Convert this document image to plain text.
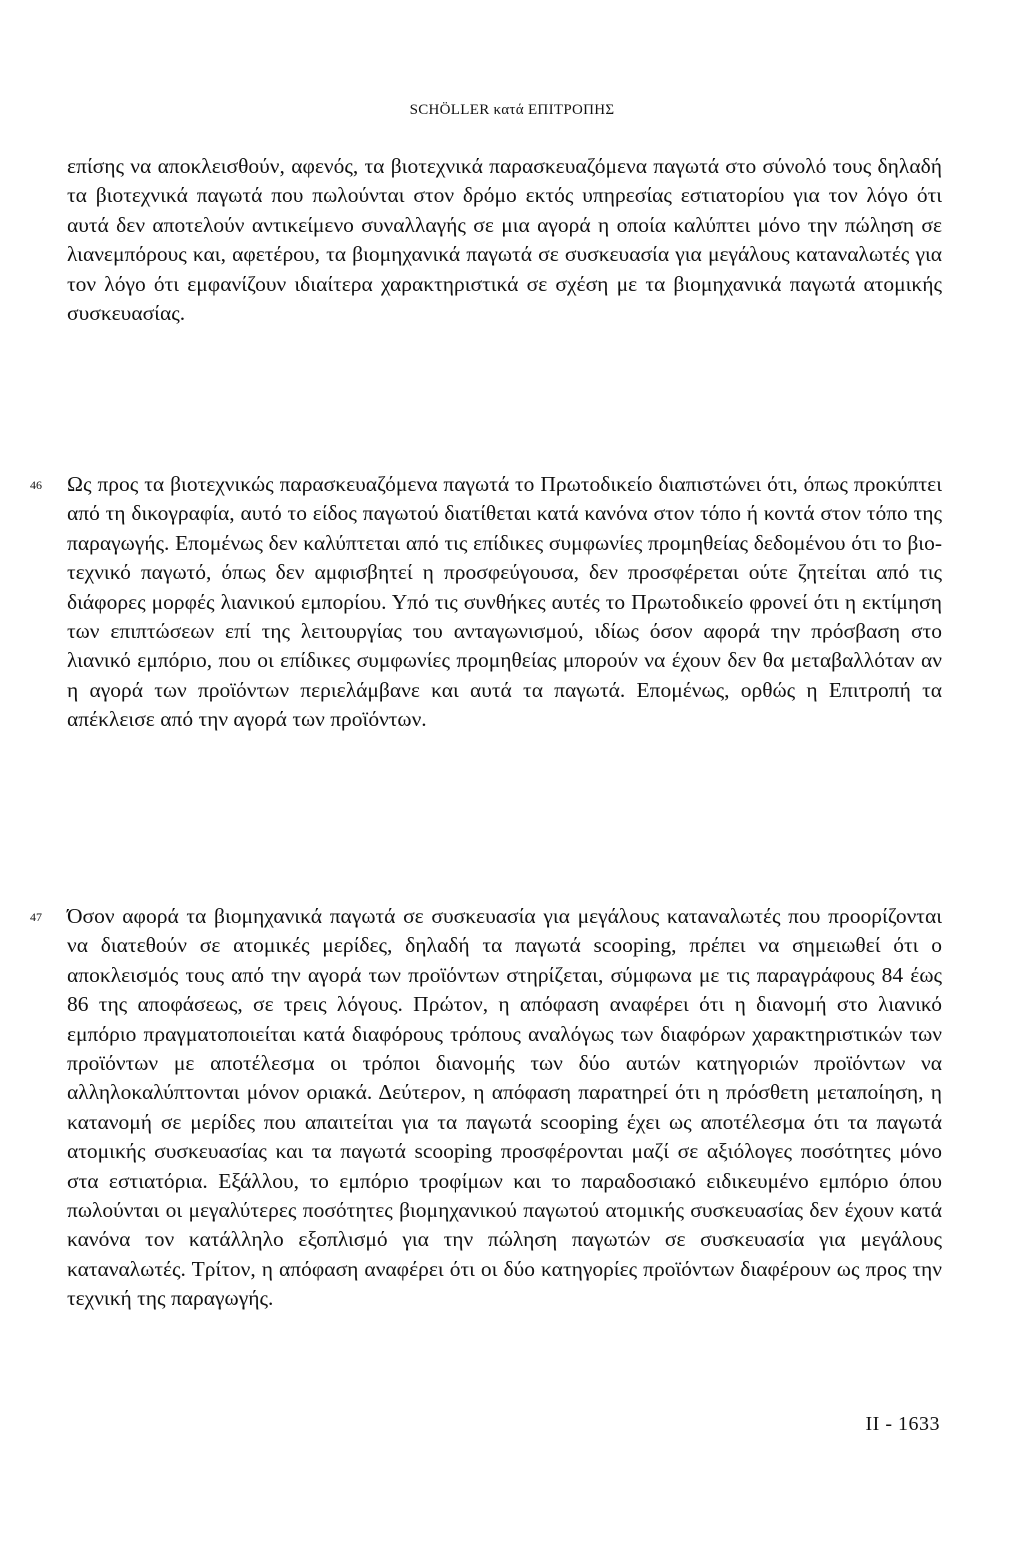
SCHÖLLER κατά ΕΠΙΤΡΟΠΗΣ

επίσης να αποκλεισθούν, αφενός, τα βιοτεχνικά παρασκευαζόμενα παγωτά στο σύνολό τους δηλαδή τα βιοτεχνικά παγωτά που πωλούνται στον δρόμο εκτός υπηρεσίας εστιατορίου για τον λόγο ότι αυτά δεν αποτελούν αντικείμενο συναλλαγής σε μια αγορά η οποία καλύπτει μόνο την πώληση σε λιανεμπόρους και, αφετέρου, τα βιομηχανικά παγωτά σε συσκευασία για μεγάλους καταναλωτές για τον λόγο ότι εμφανίζουν ιδιαίτερα χαρακτηριστικά σε σχέση με τα βιομηχανικά παγωτά ατομικής συσκευασίας.

46 Ως προς τα βιοτεχνικώς παρασκευαζόμενα παγωτά το Πρωτοδικείο διαπιστώνει ότι, όπως προκύπτει από τη δικογραφία, αυτό το είδος παγωτού διατίθεται κατά κανόνα στον τόπο ή κοντά στον τόπο της παραγωγής. Επομένως δεν καλύπτεται από τις επίδικες συμφωνίες προμηθείας δεδομένου ότι το βιοτεχνικό παγωτό, όπως δεν αμφισβητεί η προσφεύγουσα, δεν προσφέρεται ούτε ζητείται από τις διάφορες μορφές λιανικού εμπορίου. Υπό τις συνθήκες αυτές το Πρωτοδικείο φρονεί ότι η εκτίμηση των επιπτώσεων επί της λειτουργίας του ανταγωνισμού, ιδίως όσον αφορά την πρόσβαση στο λιανικό εμπόριο, που οι επίδικες συμφωνίες προμηθείας μπορούν να έχουν δεν θα μεταβαλλόταν αν η αγορά των προϊόντων περιελάμβανε και αυτά τα παγωτά. Επομένως, ορθώς η Επιτροπή τα απέκλεισε από την αγορά των προϊόντων.

47 Όσον αφορά τα βιομηχανικά παγωτά σε συσκευασία για μεγάλους καταναλωτές που προορίζονται να διατεθούν σε ατομικές μερίδες, δηλαδή τα παγωτά scooping, πρέπει να σημειωθεί ότι ο αποκλεισμός τους από την αγορά των προϊόντων στηρίζεται, σύμφωνα με τις παραγράφους 84 έως 86 της αποφάσεως, σε τρεις λόγους. Πρώτον, η απόφαση αναφέρει ότι η διανομή στο λιανικό εμπόριο πραγματοποιείται κατά διαφόρους τρόπους αναλόγως των διαφόρων χαρακτηριστικών των προϊόντων με αποτέλεσμα οι τρόποι διανομής των δύο αυτών κατηγοριών προϊόντων να αλληλοκαλύπτονται μόνον οριακά. Δεύτερον, η απόφαση παρατηρεί ότι η πρόσθετη μεταποίηση, η κατανομή σε μερίδες που απαιτείται για τα παγωτά scooping έχει ως αποτέλεσμα ότι τα παγωτά ατομικής συσκευασίας και τα παγωτά scooping προσφέρονται μαζί σε αξιόλογες ποσότητες μόνο στα εστιατόρια. Εξάλλου, το εμπόριο τροφίμων και το παραδοσιακό ειδικευμένο εμπόριο όπου πωλούνται οι μεγαλύτερες ποσότητες βιομηχανικού παγωτού ατομικής συσκευασίας δεν έχουν κατά κανόνα τον κατάλληλο εξοπλισμό για την πώληση παγωτών σε συσκευασία για μεγάλους καταναλωτές. Τρίτον, η απόφαση αναφέρει ότι οι δύο κατηγορίες προϊόντων διαφέρουν ως προς την τεχνική της παραγωγής.

II - 1633
